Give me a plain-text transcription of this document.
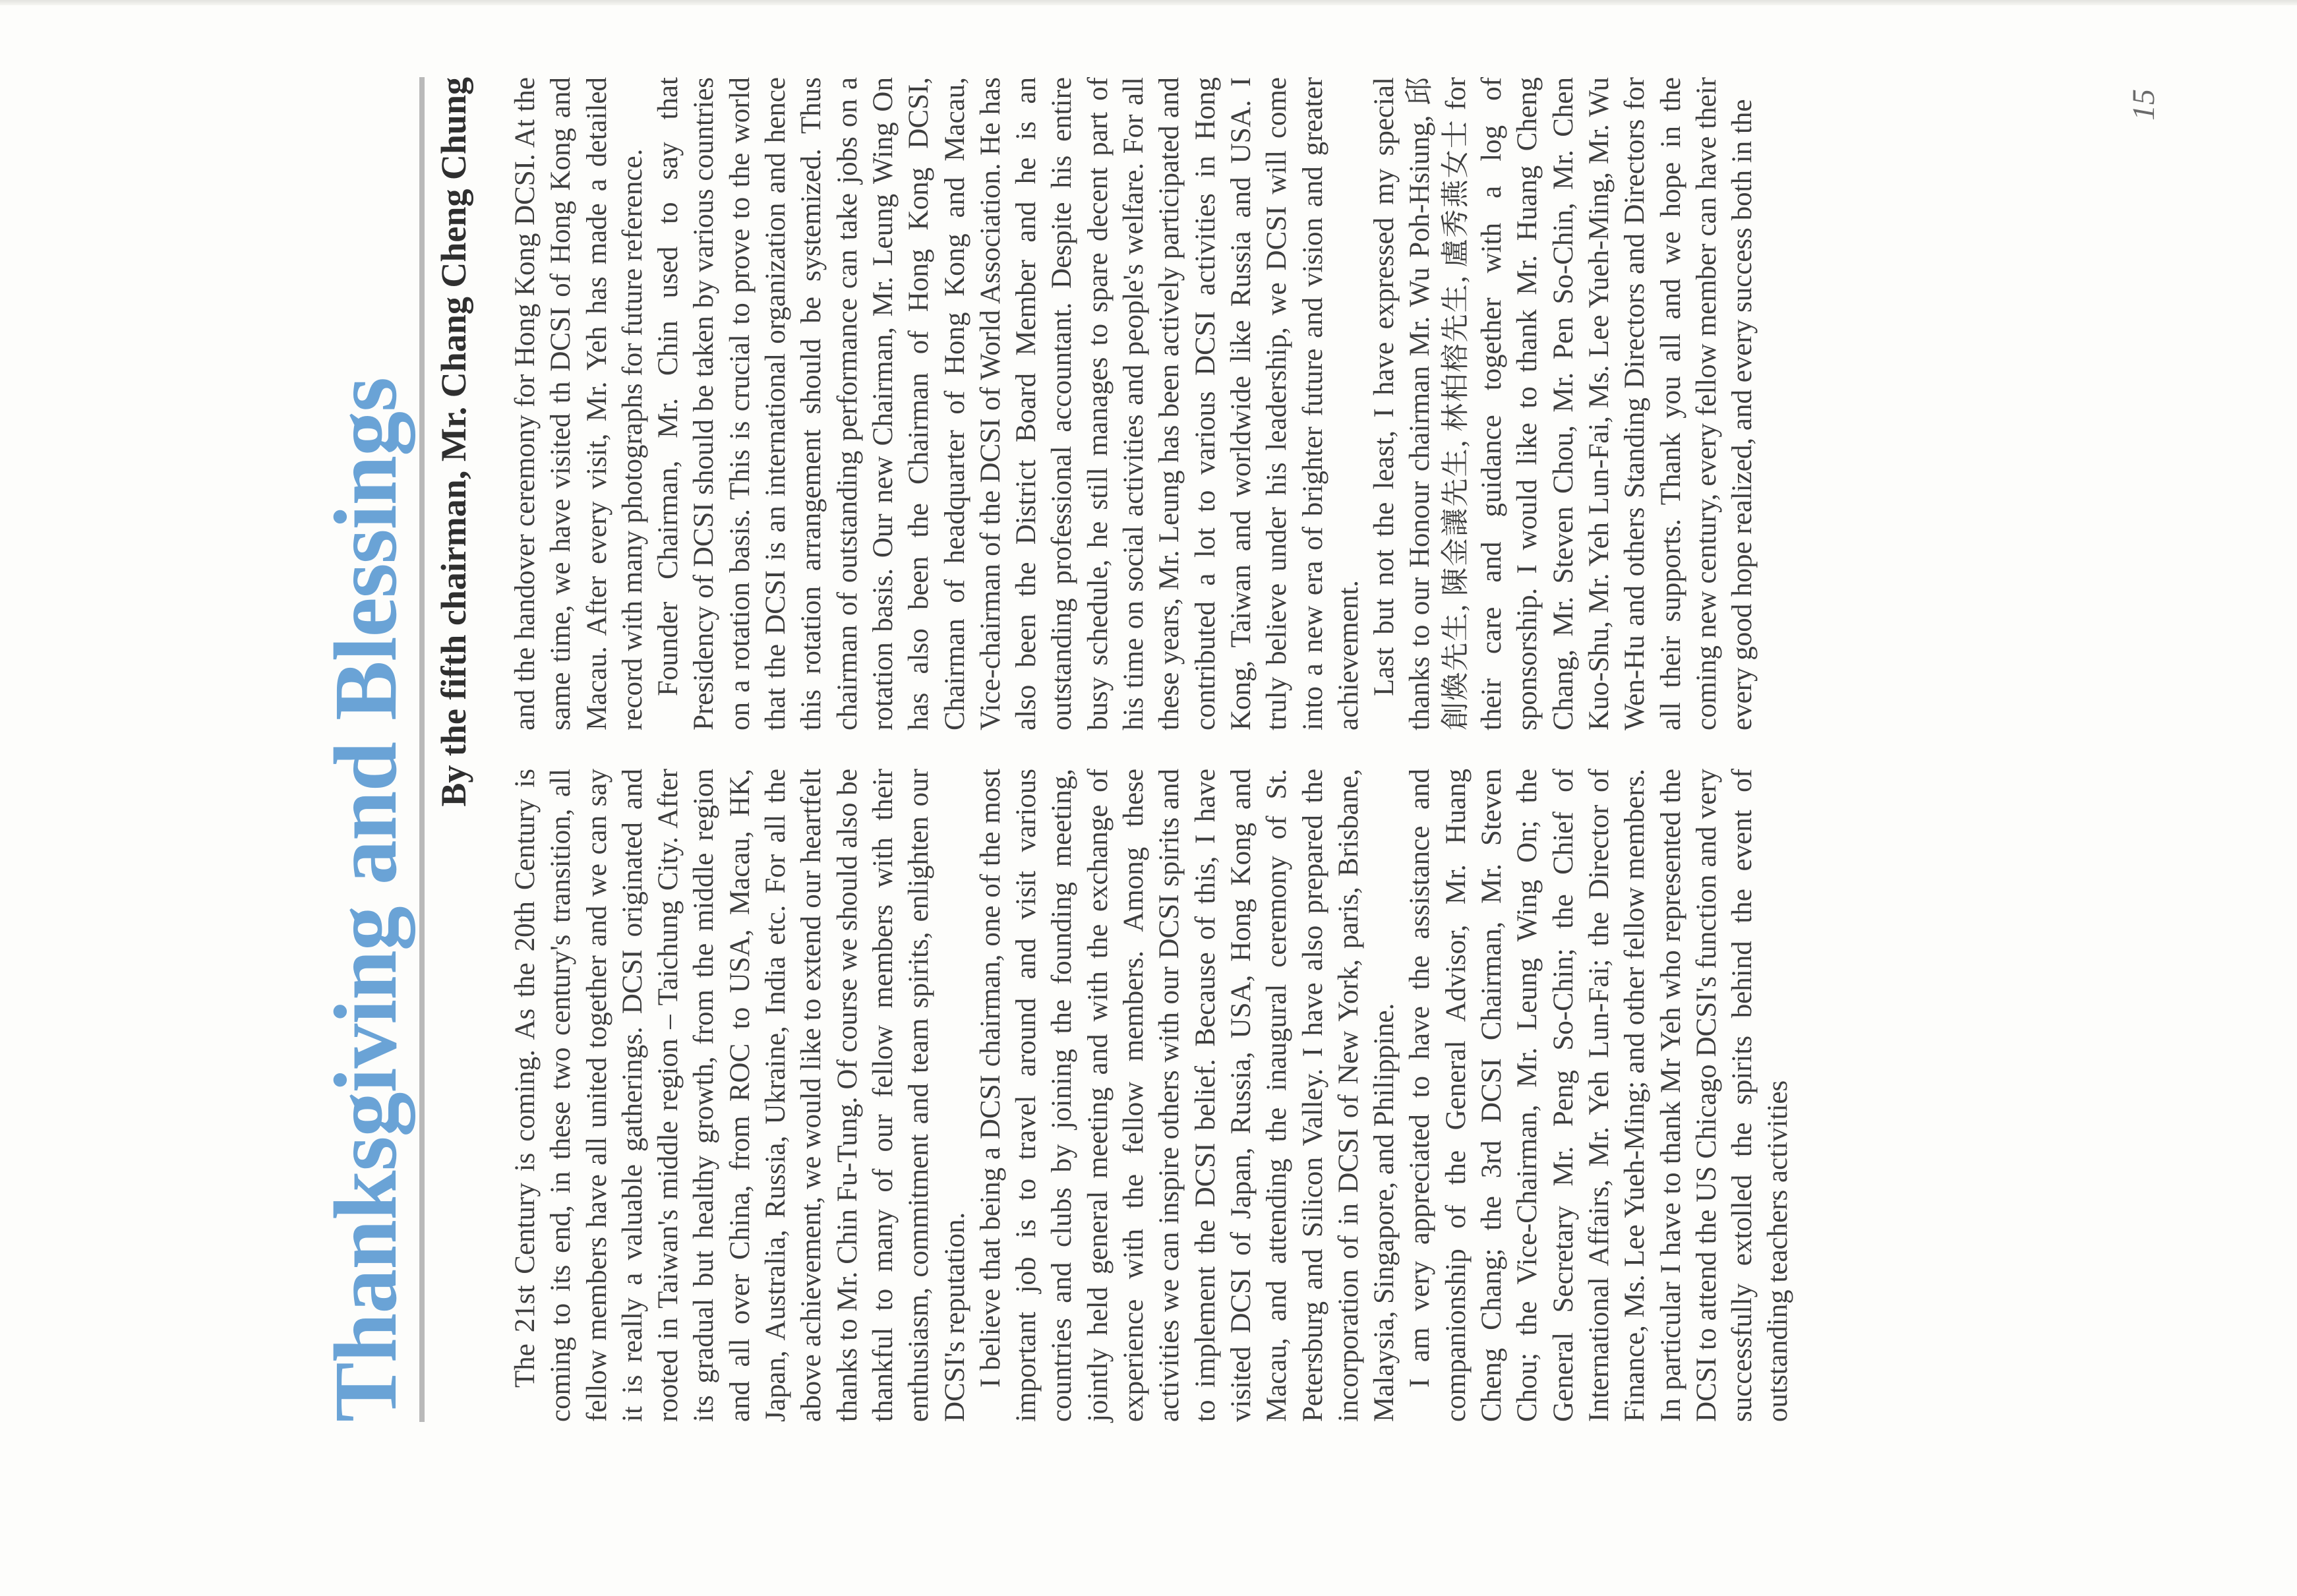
Thanksgiving and Blessings By the fifth chairman, Mr. Chang Cheng Chung

The 21st Century is coming. As the 20th Century is coming to its end, in these two century's transition, all fellow members have all united together and we can say it is really a valuable gatherings. DCSI originated and rooted in Taiwan's middle region – Taichung City. After its gradual but healthy growth, from the middle region and all over China, from ROC to USA, Macau, HK, Japan, Australia, Russia, Ukraine, India etc. For all the above achievement, we would like to extend our heartfelt thanks to Mr. Chin Fu-Tung. Of course we should also be thankful to many of our fellow members with their enthusiasm, commitment and team spirits, enlighten our DCSI's reputation. I believe that being a DCSI chairman, one of the most important job is to travel around and visit various countries and clubs by joining the founding meeting, jointly held general meeting and with the exchange of experience with the fellow members. Among these activities we can inspire others with our DCSI spirits and to implement the DCSI belief. Because of this, I have visited DCSI of Japan, Russia, USA, Hong Kong and Macau, and attending the inaugural ceremony of St. Petersburg and Silicon Valley. I have also prepared the incorporation of in DCSI of New York, paris, Brisbane, Malaysia, Singapore, and Philippine. I am very appreciated to have the assistance and companionship of the General Advisor, Mr. Huang Cheng Chang; the 3rd DCSI Chairman, Mr. Steven Chou; the Vice-Chairman, Mr. Leung Wing On; the General Secretary Mr. Peng So-Chin; the Chief of International Affairs, Mr. Yeh Lun-Fai; the Director of Finance, Ms. Lee Yueh-Ming; and other fellow members. In particular I have to thank Mr Yeh who represented the DCSI to attend the US Chicago DCSI's function and very successfully extolled the spirits behind the event of outstanding teachers activities

and the handover ceremony for Hong Kong DCSI. At the same time, we have visited th DCSI of Hong Kong and Macau. After every visit, Mr. Yeh has made a detailed record with many photographs for future reference. Founder Chairman, Mr. Chin used to say that Presidency of DCSI should be taken by various countries on a rotation basis. This is crucial to prove to the world that the DCSI is an international organization and hence this rotation arrangement should be systemized. Thus chairman of outstanding performance can take jobs on a rotation basis. Our new Chairman, Mr. Leung Wing On has also been the Chairman of Hong Kong DCSI, Chairman of headquarter of Hong Kong and Macau, Vice-chairman of the DCSI of World Association. He has also been the District Board Member and he is an outstanding professional accountant. Despite his entire busy schedule, he still manages to spare decent part of his time on social activities and people's welfare. For all these years, Mr. Leung has been actively participated and contributed a lot to various DCSI activities in Hong Kong, Taiwan and worldwide like Russia and USA. I truly believe under his leadership, we DCSI will come into a new era of brighter future and vision and greater achievement. Last but not the least, I have expressed my special thanks to our Honour chairman Mr. Wu Poh-Hsiung, 邱創煥先生, 陳金讓先生, 林柏榕先生, 盧秀燕女士 for their care and guidance together with a log of sponsorship. I would like to thank Mr. Huang Cheng Chang, Mr. Steven Chou, Mr. Pen So-Chin, Mr. Chen Kuo-Shu, Mr. Yeh Lun-Fai, Ms. Lee Yueh-Ming, Mr. Wu Wen-Hu and others Standing Directors and Directors for all their supports. Thank you all and we hope in the coming new century, every fellow member can have their every good hope realized, and every success both in the	15
